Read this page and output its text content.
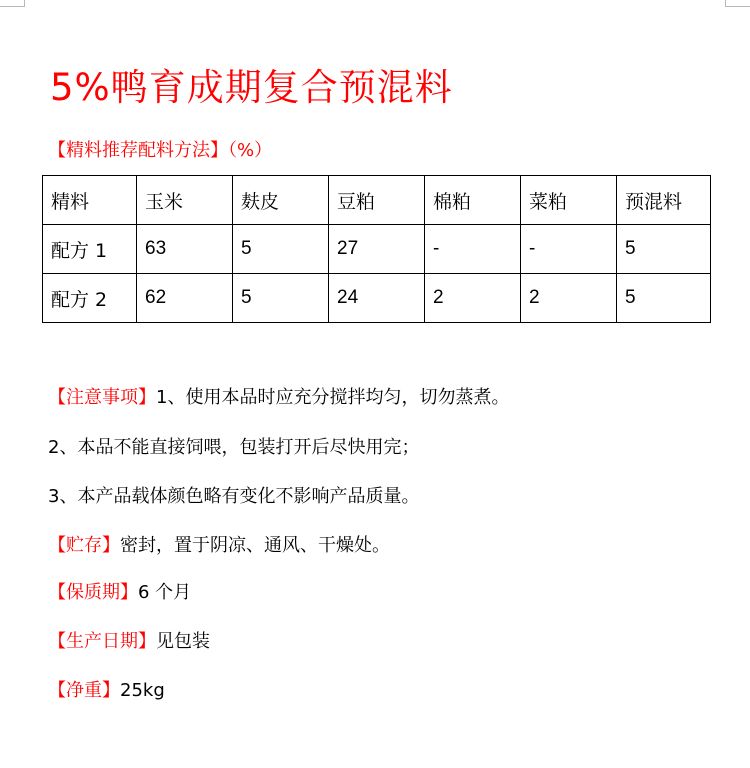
5%鸭育成期复合预混料
【精料推荐配料方法】（%）
精料	玉米	麸皮	豆粕	棉粕	菜粕	预混料
配方 1	63	5	27	-	-	5
配方 2	62	5	24	2	2	5
【注意事项】1、使用本品时应充分搅拌均匀，切勿蒸煮。
2、本品不能直接饲喂，包装打开后尽快用完；
3、本产品载体颜色略有变化不影响产品质量。
【贮存】密封，置于阴凉、通风、干燥处。
【保质期】6 个月
【生产日期】见包装
【净重】25kg
